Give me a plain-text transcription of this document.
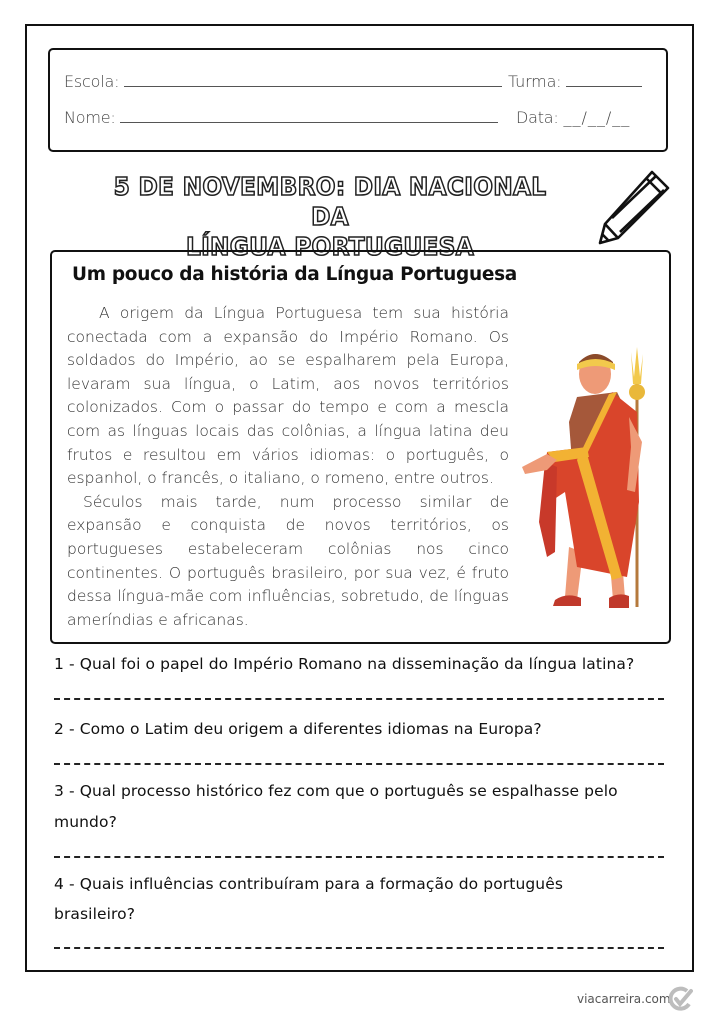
Escola:	Turma:
Nome:	Data: __/__/__
5 DE NOVEMBRO: DIA NACIONAL DA
LÍNGUA PORTUGUESA
Um pouco da história da Língua Portuguesa

A origem da Língua Portuguesa tem sua história conectada com a expansão do Império Romano. Os soldados do Império, ao se espalharem pela Europa, levaram sua língua, o Latim, aos novos territórios colonizados. Com o passar do tempo e com a mescla com as línguas locais das colônias, a língua latina deu frutos e resultou em vários idiomas: o português, o espanhol, o francês, o italiano, o romeno, entre outros.

Séculos mais tarde, num processo similar de expansão e conquista de novos territórios, os portugueses estabeleceram colônias nos cinco continentes. O português brasileiro, por sua vez, é fruto dessa língua-mãe com influências, sobretudo, de línguas ameríndias e africanas.

1 - Qual foi o papel do Império Romano na disseminação da língua latina?
2 - Como o Latim deu origem a diferentes idiomas na Europa?
3 - Qual processo histórico fez com que o português se espalhasse pelo
mundo?
4 - Quais influências contribuíram para a formação do português
brasileiro?
viacarreira.com
